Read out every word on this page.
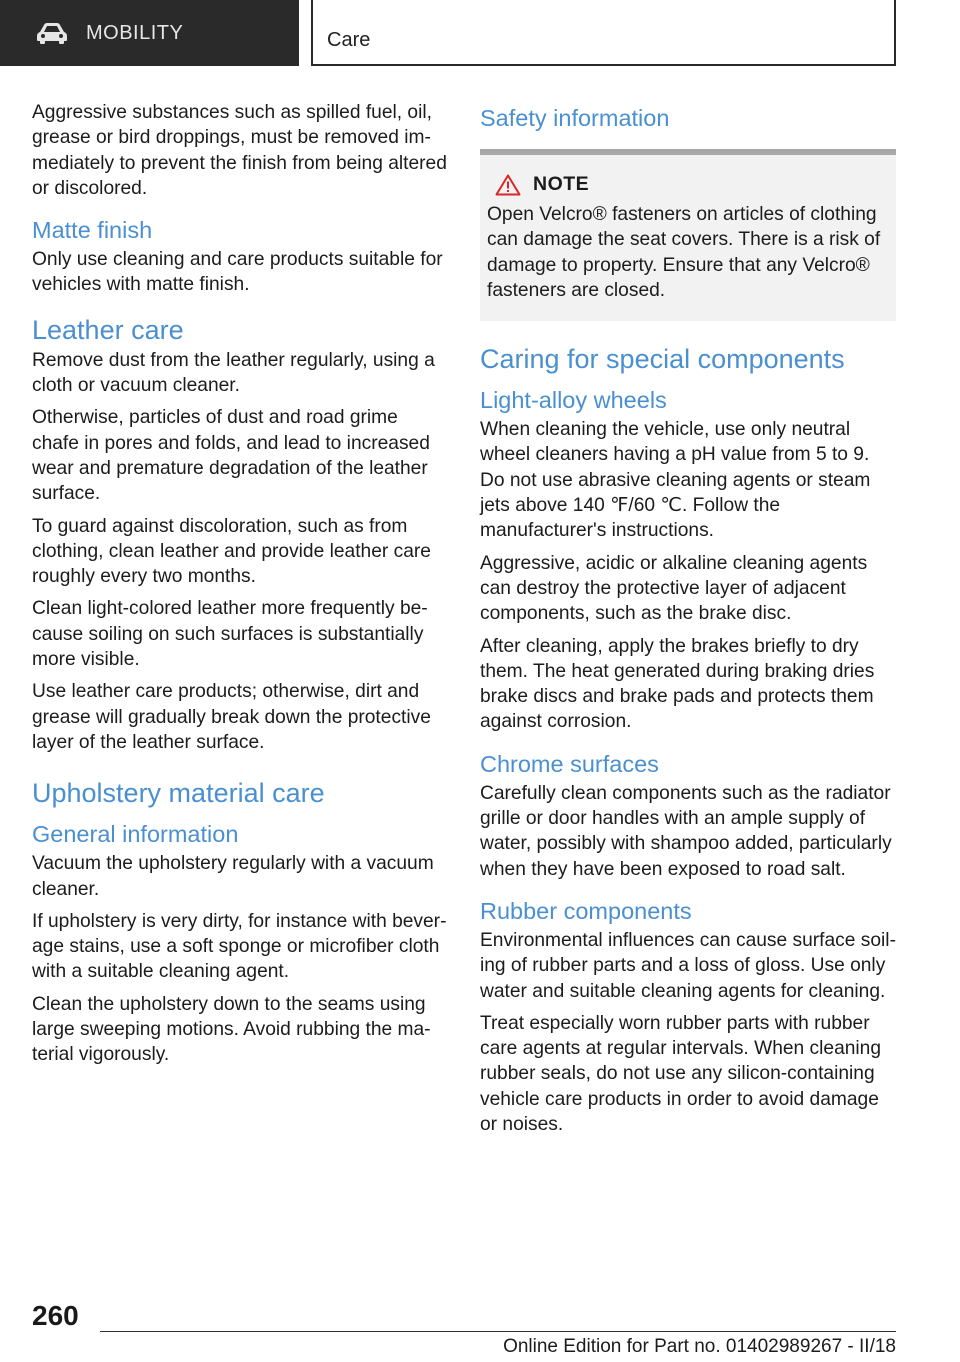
MOBILITY	Care

Aggressive substances such as spilled fuel, oil, grease or bird droppings, must be removed immediately to prevent the finish from being altered or discolored.

Matte finish

Only use cleaning and care products suitable for vehicles with matte finish.

Leather care

Remove dust from the leather regularly, using a cloth or vacuum cleaner.

Otherwise, particles of dust and road grime chafe in pores and folds, and lead to increased wear and premature degradation of the leather surface.

To guard against discoloration, such as from clothing, clean leather and provide leather care roughly every two months.

Clean light-colored leather more frequently because soiling on such surfaces is substantially more visible.

Use leather care products; otherwise, dirt and grease will gradually break down the protective layer of the leather surface.

Upholstery material care
General information

Vacuum the upholstery regularly with a vacuum cleaner.

If upholstery is very dirty, for instance with beverage stains, use a soft sponge or microfiber cloth with a suitable cleaning agent.

Clean the upholstery down to the seams using large sweeping motions. Avoid rubbing the material vigorously.

Safety information
NOTE

Open Velcro® fasteners on articles of clothing can damage the seat covers. There is a risk of damage to property. Ensure that any Velcro® fasteners are closed.

Caring for special components
Light-alloy wheels

When cleaning the vehicle, use only neutral wheel cleaners having a pH value from 5 to 9. Do not use abrasive cleaning agents or steam jets above 140 ℉/60 ℃. Follow the manufacturer's instructions.

Aggressive, acidic or alkaline cleaning agents can destroy the protective layer of adjacent components, such as the brake disc.

After cleaning, apply the brakes briefly to dry them. The heat generated during braking dries brake discs and brake pads and protects them against corrosion.

Chrome surfaces

Carefully clean components such as the radiator grille or door handles with an ample supply of water, possibly with shampoo added, particularly when they have been exposed to road salt.

Rubber components

Environmental influences can cause surface soiling of rubber parts and a loss of gloss. Use only water and suitable cleaning agents for cleaning.

Treat especially worn rubber parts with rubber care agents at regular intervals. When cleaning rubber seals, do not use any silicon-containing vehicle care products in order to avoid damage or noises.

260
Online Edition for Part no. 01402989267 - II/18
